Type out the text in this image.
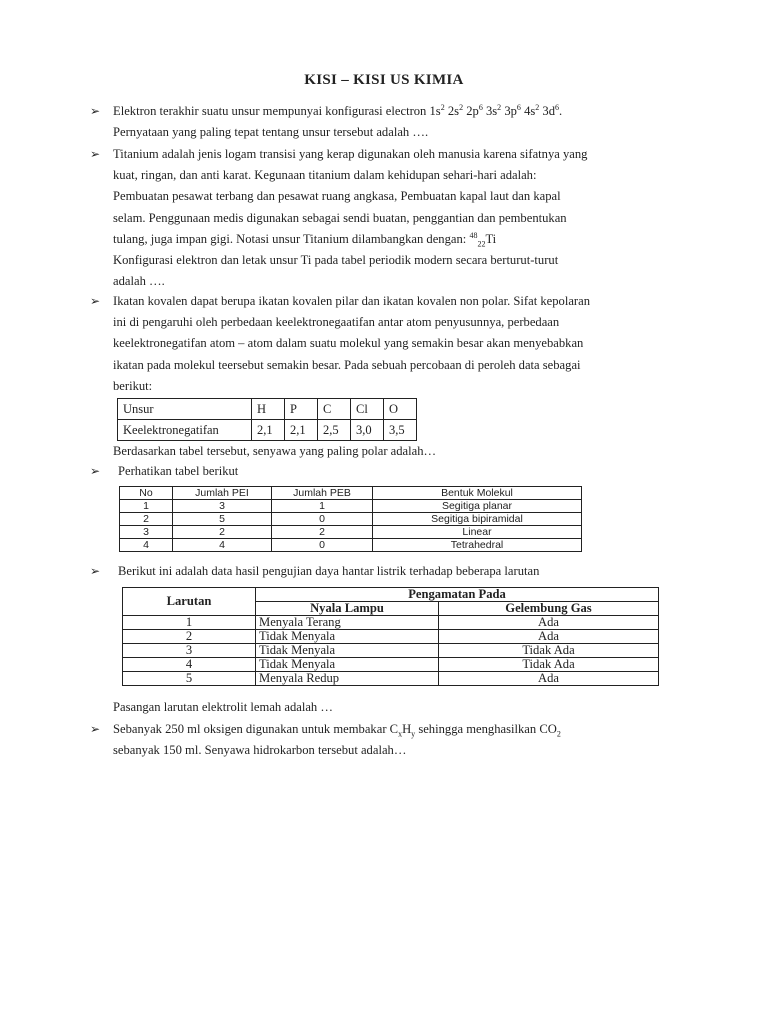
KISI – KISI US KIMIA
➢ Elektron terakhir suatu unsur mempunyai konfigurasi electron $1s^2$ $2s^2$ $2p^6$ $3s^2$ $3p^6$ $4s^2$ $3d^6$.
Pernyataan yang paling tepat tentang unsur tersebut adalah ….
➢ Titanium adalah jenis logam transisi yang kerap digunakan oleh manusia karena sifatnya yang
kuat, ringan, dan anti karat. Kegunaan titanium dalam kehidupan sehari-hari adalah:
Pembuatan pesawat terbang dan pesawat ruang angkasa, Pembuatan kapal laut dan kapal
selam. Penggunaan medis digunakan sebagai sendi buatan, penggantian dan pembentukan
tulang, juga impan gigi. Notasi unsur Titanium dilambangkan dengan: $^{48}_{22}$Ti
Konfigurasi elektron dan letak unsur Ti pada tabel periodik modern secara berturut-turut
adalah ….
➢ Ikatan kovalen dapat berupa ikatan kovalen pilar dan ikatan kovalen non polar. Sifat kepolaran
ini di pengaruhi oleh perbedaan keelektronegaatifan antar atom penyusunnya, perbedaan
keelektronegatifan atom – atom dalam suatu molekul yang semakin besar akan menyebabkan
ikatan pada molekul teersebut semakin besar. Pada sebuah percobaan di peroleh data sebagai
berikut:
Unsur	H	P	C	Cl	O
Keelektronegatifan	2,1	2,1	2,5	3,0	3,5
Berdasarkan tabel tersebut, senyawa yang paling polar adalah…
➢ Perhatikan tabel berikut
No	Jumlah PEI	Jumlah PEB	Bentuk Molekul
1	3	1	Segitiga planar
2	5	0	Segitiga bipiramidal
3	2	2	Linear
4	4	0	Tetrahedral
➢ Berikut ini adalah data hasil pengujian daya hantar listrik terhadap beberapa larutan
Larutan	Pengamatan Pada	
	Nyala Lampu	Gelembung Gas
1	Menyala Terang	Ada
2	Tidak Menyala	Ada
3	Tidak Menyala	Tidak Ada
4	Tidak Menyala	Tidak Ada
5	Menyala Redup	Ada
Pasangan larutan elektrolit lemah adalah …
➢ Sebanyak 250 ml oksigen digunakan untuk membakar $C_xH_y$ sehingga menghasilkan $CO_2$
sebanyak 150 ml. Senyawa hidrokarbon tersebut adalah…
